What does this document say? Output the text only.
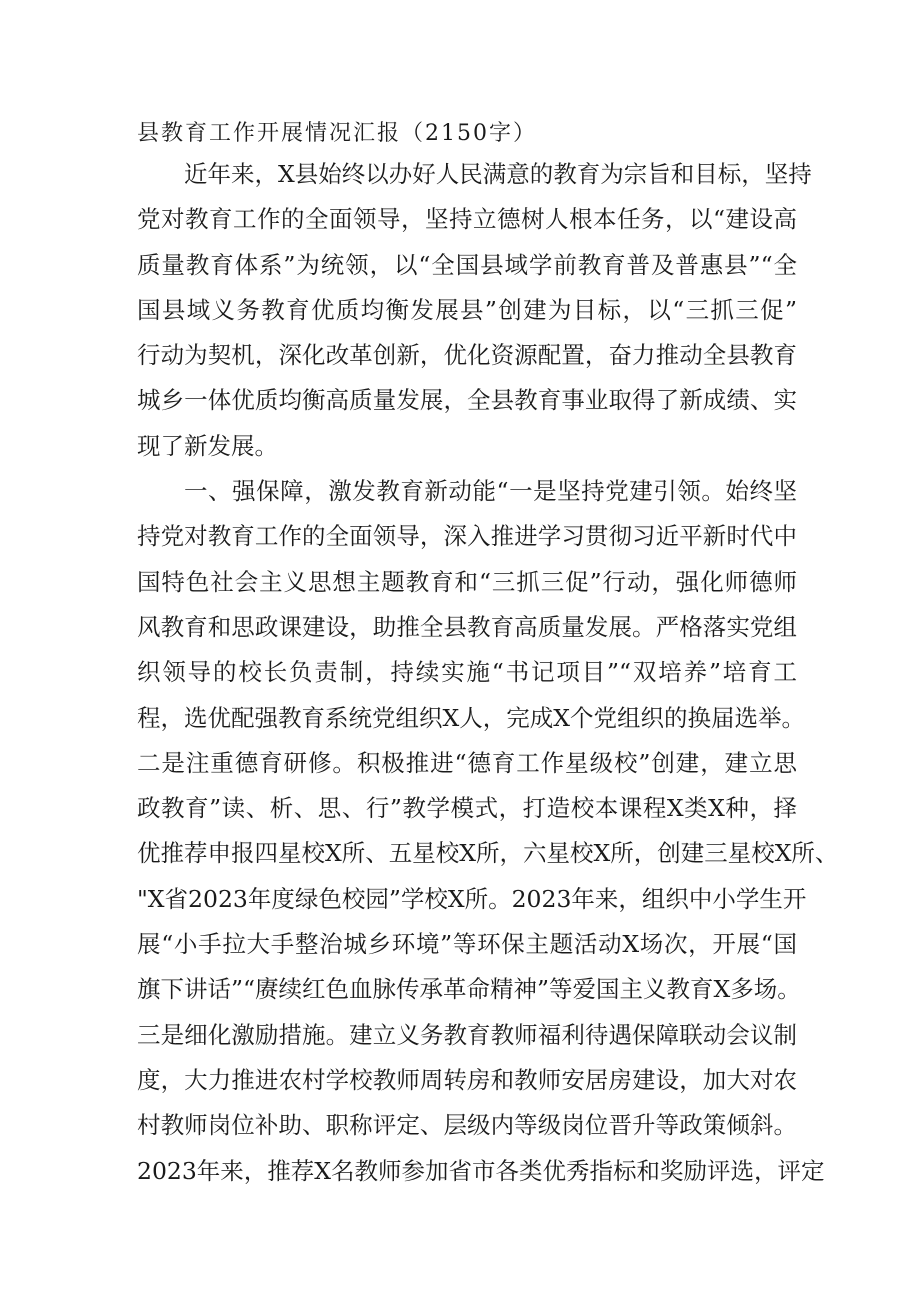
县教育工作开展情况汇报（2150字）
近年来，X县始终以办好人民满意的教育为宗旨和目标，坚持
党对教育工作的全面领导，坚持立德树人根本任务，以“建设高
质量教育体系”为统领，以“全国县域学前教育普及普惠县”“全
国县域义务教育优质均衡发展县”创建为目标，以“三抓三促”
行动为契机，深化改革创新，优化资源配置，奋力推动全县教育
城乡一体优质均衡高质量发展，全县教育事业取得了新成绩、实
现了新发展。
一、强保障，激发教育新动能“一是坚持党建引领。始终坚
持党对教育工作的全面领导，深入推进学习贯彻习近平新时代中
国特色社会主义思想主题教育和“三抓三促”行动，强化师德师
风教育和思政课建设，助推全县教育高质量发展。严格落实党组
织领导的校长负责制，持续实施“书记项目”“双培养”培育工
程，选优配强教育系统党组织X人，完成X个党组织的换届选举。
二是注重德育研修。积极推进“德育工作星级校”创建，建立思
政教育”读、析、思、行”教学模式，打造校本课程X类X种，择
优推荐申报四星校X所、五星校X所，六星校X所，创建三星校X所、
"X省2023年度绿色校园”学校X所。2023年来，组织中小学生开
展“小手拉大手整治城乡环境”等环保主题活动X场次，开展“国
旗下讲话”“赓续红色血脉传承革命精神”等爱国主义教育X多场。
三是细化激励措施。建立义务教育教师福利待遇保障联动会议制
度，大力推进农村学校教师周转房和教师安居房建设，加大对农
村教师岗位补助、职称评定、层级内等级岗位晋升等政策倾斜。
2023年来，推荐X名教师参加省市各类优秀指标和奖励评选，评定
